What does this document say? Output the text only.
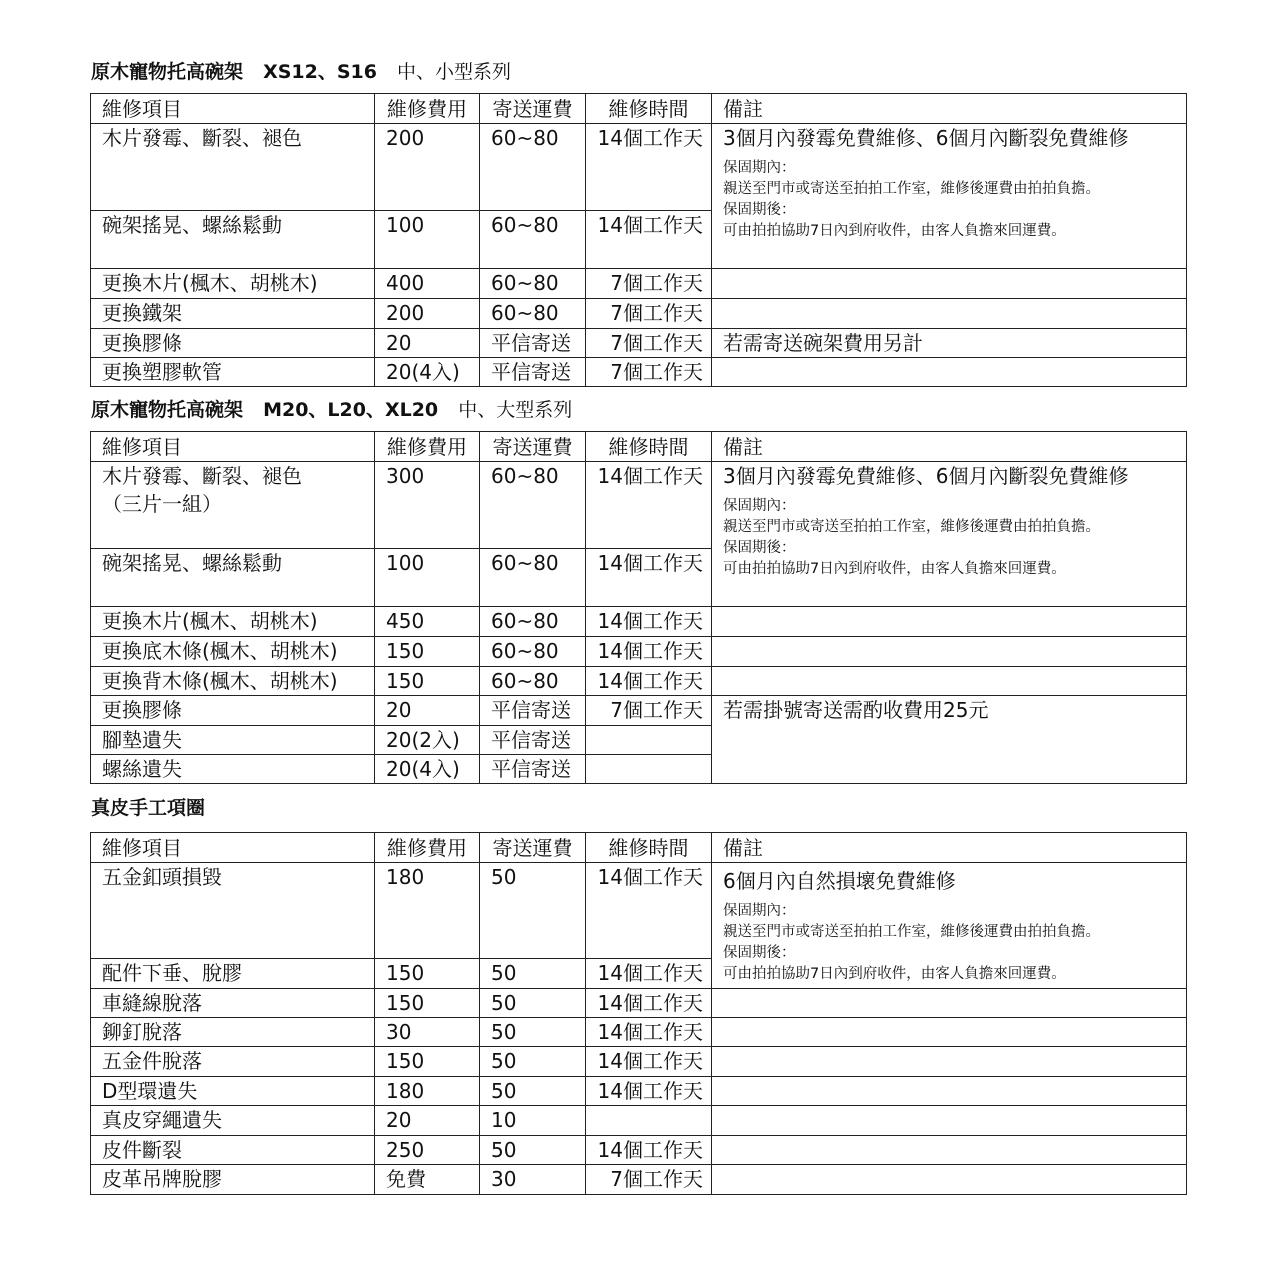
原木寵物托高碗架 XS12、S16 中、小型系列
維修項目	維修費用	寄送運費	維修時間	備註
木片發霉、斷裂、褪色	200	60~80	14個工作天	3個月內發霉免費維修、6個月內斷裂免費維修
保固期內：
親送至門市或寄送至拍拍工作室，維修後運費由拍拍負擔。
保固期後：
可由拍拍協助7日內到府收件，由客人負擔來回運費。

碗架搖晃、螺絲鬆動	100	60~80	14個工作天	
更換木片(楓木、胡桃木)	400	60~80	7個工作天	
更換鐵架	200	60~80	7個工作天	
更換膠條	20	平信寄送	7個工作天	若需寄送碗架費用另計
更換塑膠軟管	20(4入)	平信寄送	7個工作天	
原木寵物托高碗架 M20、L20、XL20 中、大型系列
維修項目	維修費用	寄送運費	維修時間	備註
木片發霉、斷裂、褪色
（三片一組）	300	60~80	14個工作天	3個月內發霉免費維修、6個月內斷裂免費維修
保固期內：
親送至門市或寄送至拍拍工作室，維修後運費由拍拍負擔。
保固期後：
可由拍拍協助7日內到府收件，由客人負擔來回運費。

碗架搖晃、螺絲鬆動	100	60~80	14個工作天	
更換木片(楓木、胡桃木)	450	60~80	14個工作天	
更換底木條(楓木、胡桃木)	150	60~80	14個工作天	
更換背木條(楓木、胡桃木)	150	60~80	14個工作天	
更換膠條	20	平信寄送	7個工作天	若需掛號寄送需酌收費用25元
腳墊遺失	20(2入)	平信寄送		
螺絲遺失	20(4入)	平信寄送		
真皮手工項圈
維修項目	維修費用	寄送運費	維修時間	備註
五金釦頭損毀	180	50	14個工作天	6個月內自然損壞免費維修
保固期內：
親送至門市或寄送至拍拍工作室，維修後運費由拍拍負擔。
保固期後：
可由拍拍協助7日內到府收件，由客人負擔來回運費。

配件下垂、脫膠	150	50	14個工作天	
車縫線脫落	150	50	14個工作天	
鉚釘脫落	30	50	14個工作天	
五金件脫落	150	50	14個工作天	
D型環遺失	180	50	14個工作天	
真皮穿繩遺失	20	10		
皮件斷裂	250	50	14個工作天	
皮革吊牌脫膠	免費	30	7個工作天	
